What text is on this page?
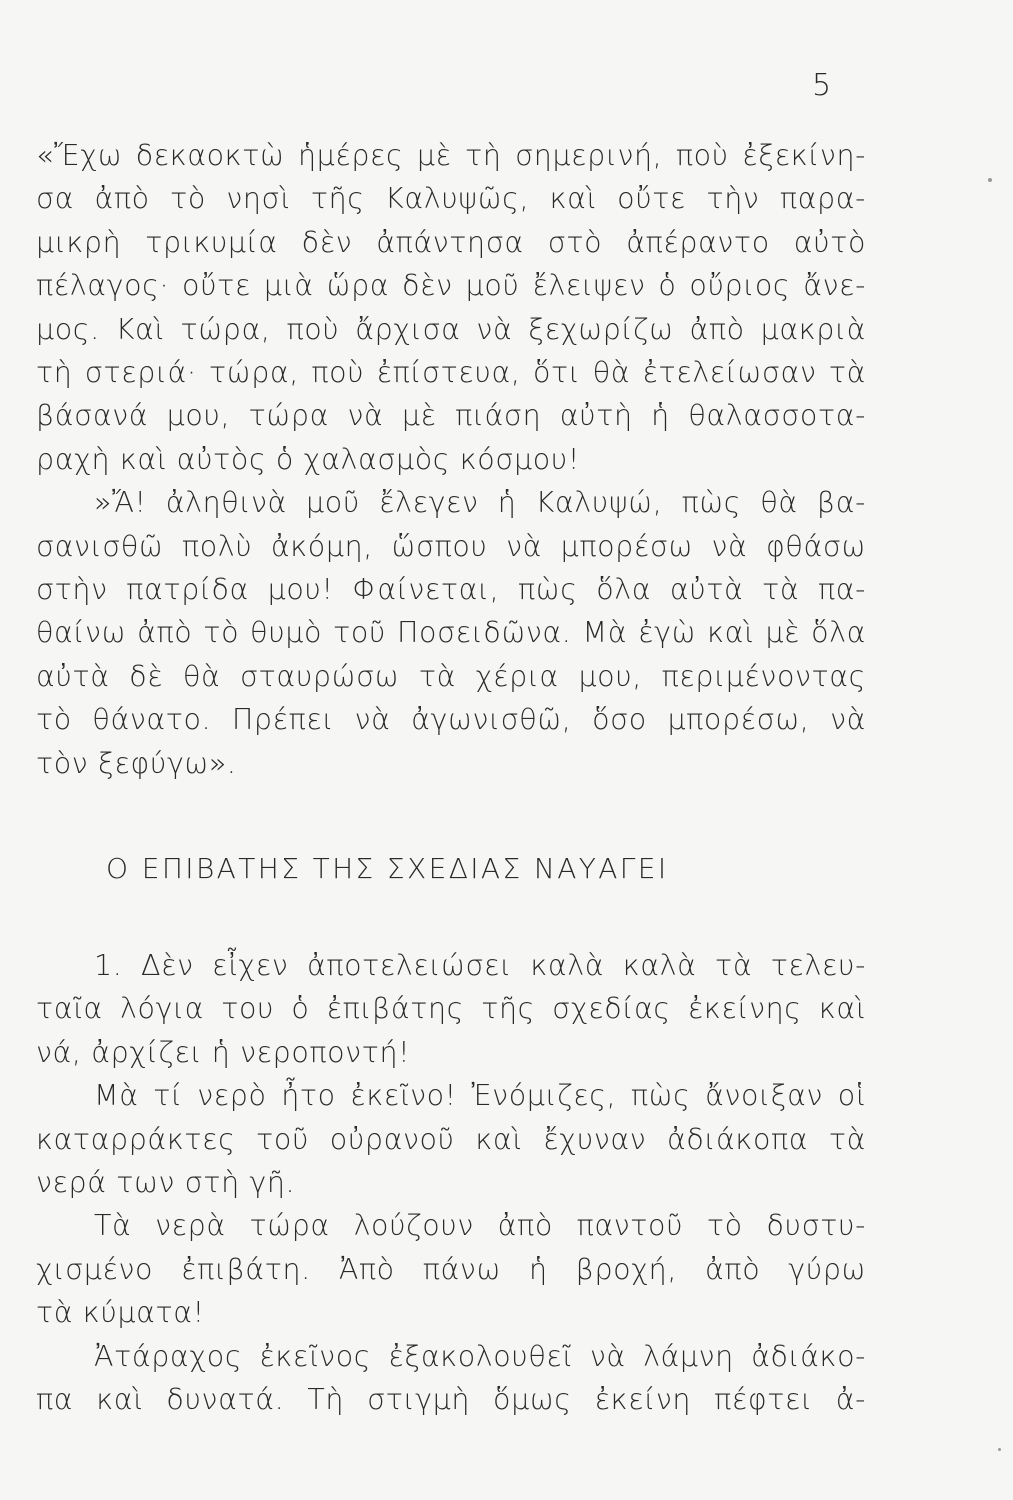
5
«Ἔχω δεκαοκτὼ ἡμέρες μὲ τὴ σημερινή, ποὺ ἐξεκίνη-
σα ἀπὸ τὸ νησὶ τῆς Καλυψῶς, καὶ οὔτε τὴν παρα-
μικρὴ τρικυμία δὲν ἀπάντησα στὸ ἀπέραντο αὐτὸ
πέλαγος· οὔτε μιὰ ὥρα δὲν μοῦ ἔλειψεν ὁ οὔριος ἄνε-
μος. Καὶ τώρα, ποὺ ἄρχισα νὰ ξεχωρίζω ἀπὸ μακριὰ
τὴ στεριά· τώρα, ποὺ ἐπίστευα, ὅτι θὰ ἐτελείωσαν τὰ
βάσανά μου, τώρα νὰ μὲ πιάση αὐτὴ ἡ θαλασσοτα-
ραχὴ καὶ αὐτὸς ὁ χαλασμὸς κόσμου!
»Ἄ! ἀληθινὰ μοῦ ἔλεγεν ἡ Καλυψώ, πὼς θὰ βα-
σανισθῶ πολὺ ἀκόμη, ὥσπου νὰ μπορέσω νὰ φθάσω
στὴν πατρίδα μου! Φαίνεται, πὼς ὅλα αὐτὰ τὰ πα-
θαίνω ἀπὸ τὸ θυμὸ τοῦ Ποσειδῶνα. Μὰ ἐγὼ καὶ μὲ ὅλα
αὐτὰ δὲ θὰ σταυρώσω τὰ χέρια μου, περιμένοντας
τὸ θάνατο. Πρέπει νὰ ἀγωνισθῶ, ὅσο μπορέσω, νὰ
τὸν ξεφύγω».
Ο ΕΠΙΒΑΤΗΣ ΤΗΣ ΣΧΕΔΙΑΣ ΝΑΥΑΓΕΙ
1. Δὲν εἶχεν ἀποτελειώσει καλὰ καλὰ τὰ τελευ-
ταῖα λόγια του ὁ ἐπιβάτης τῆς σχεδίας ἐκείνης καὶ
νά, ἀρχίζει ἡ νεροποντή!
Μὰ τί νερὸ ἦτο ἐκεῖνο! Ἐνόμιζες, πὼς ἄνοιξαν οἱ
καταρράκτες τοῦ οὐρανοῦ καὶ ἔχυναν ἀδιάκοπα τὰ
νερά των στὴ γῆ.
Τὰ νερὰ τώρα λούζουν ἀπὸ παντοῦ τὸ δυστυ-
χισμένο ἐπιβάτη. Ἀπὸ πάνω ἡ βροχή, ἀπὸ γύρω
τὰ κύματα!
Ἀτάραχος ἐκεῖνος ἐξακολουθεῖ νὰ λάμνη ἀδιάκο-
πα καὶ δυνατά. Τὴ στιγμὴ ὅμως ἐκείνη πέφτει ἀ-
